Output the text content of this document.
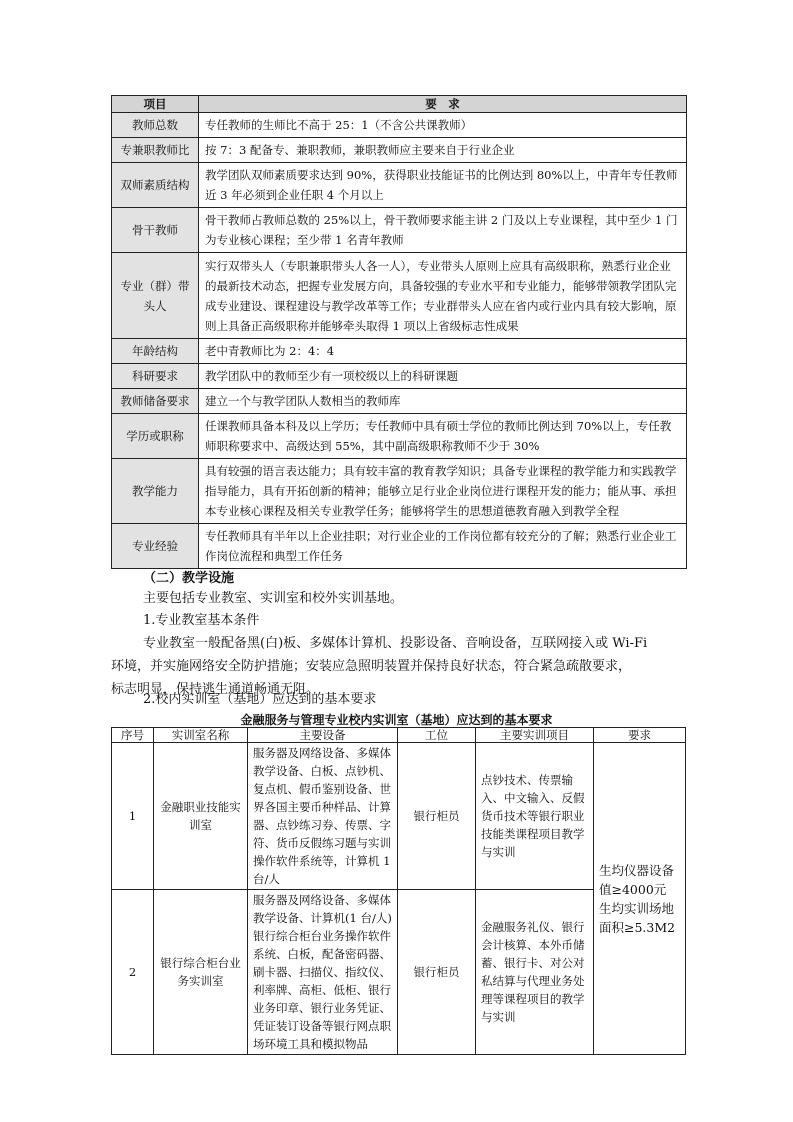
项目	要　求
教师总数	专任教师的生师比不高于 25：1（不含公共课教师）
专兼职教师比	按 7：3 配备专、兼职教师，兼职教师应主要来自于行业企业
双师素质结构	教学团队双师素质要求达到 90%，获得职业技能证书的比例达到 80%以上，中青年专任教师近 3 年必须到企业任职 4 个月以上
骨干教师	骨干教师占教师总数的 25%以上，骨干教师要求能主讲 2 门及以上专业课程，其中至少 1 门为专业核心课程；至少带 1 名青年教师
专业（群）带头人	实行双带头人（专职兼职带头人各一人），专业带头人原则上应具有高级职称，熟悉行业企业的最新技术动态，把握专业发展方向，具备较强的专业水平和专业能力，能够带领教学团队完成专业建设、课程建设与教学改革等工作；专业群带头人应在省内或行业内具有较大影响，原则上具备正高级职称并能够牵头取得 1 项以上省级标志性成果
年龄结构	老中青教师比为 2：4：4
科研要求	教学团队中的教师至少有一项校级以上的科研课题
教师储备要求	建立一个与教学团队人数相当的教师库
学历或职称	任课教师具备本科及以上学历；专任教师中具有硕士学位的教师比例达到 70%以上，专任教师职称要求中、高级达到 55%，其中副高级职称教师不少于 30%
教学能力	具有较强的语言表达能力；具有较丰富的教育教学知识；具备专业课程的教学能力和实践教学指导能力，具有开拓创新的精神；能够立足行业企业岗位进行课程开发的能力；能从事、承担本专业核心课程及相关专业教学任务；能够将学生的思想道德教育融入到教学全程
专业经验	专任教师具有半年以上企业挂职；对行业企业的工作岗位都有较充分的了解；熟悉行业企业工作岗位流程和典型工作任务
（二）教学设施
主要包括专业教室、实训室和校外实训基地。
1.专业教室基本条件
专业教室一般配备黑(白)板、多媒体计算机、投影设备、音响设备，互联网接入或 Wi-Fi
环境，并实施网络安全防护措施；安装应急照明装置并保持良好状态，符合紧急疏散要求，
标志明显，保持逃生通道畅通无阻。
2.校内实训室（基地）应达到的基本要求
金融服务与管理专业校内实训室（基地）应达到的基本要求
序号	实训室名称	主要设备	工位	主要实训项目	要求
1	金融职业技能实训室	服务器及网络设备、多媒体教学设备、白板、点钞机、复点机、假币鉴别设备、世界各国主要币种样品、计算器、点钞练习券、传票、字符、货币反假练习题与实训操作软件系统等，计算机 1 台/人	银行柜员	点钞技术、传票输入、中文输入、反假货币技术等银行职业技能类课程项目教学与实训	生均仪器设备值≥4000元 生均实训场地面积≥5.3M2
2	银行综合柜台业务实训室	服务器及网络设备、多媒体教学设备、计算机(1 台/人)银行综合柜台业务操作软件系统、白板，配备密码器、刷卡器、扫描仪、指纹仪、利率牌、高柜、低柜、银行业务印章、银行业务凭证、凭证装订设备等银行网点职场环境工具和模拟物品	银行柜员	金融服务礼仪、银行会计核算、本外币储蓄、银行卡、对公对私结算与代理业务处理等课程项目的教学与实训	
